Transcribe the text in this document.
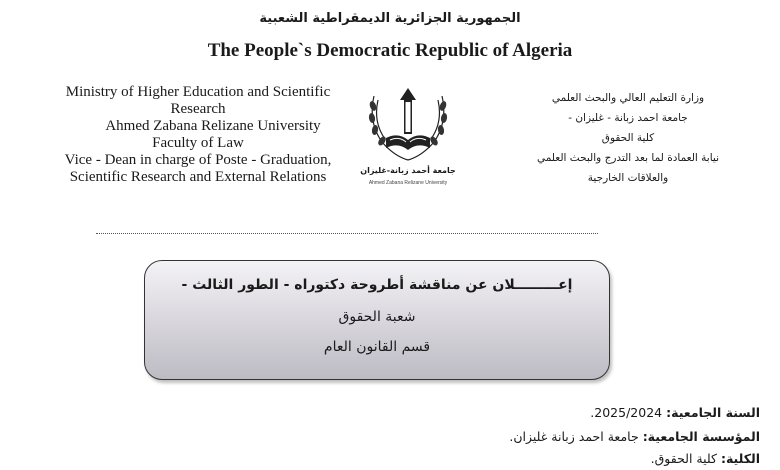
الجمهورية الجزائرية الديمقراطية الشعبية
The People`s Democratic Republic of Algeria
Ministry of Higher Education and Scientific
Research
Ahmed Zabana Relizane University
Faculty of Law
Vice - Dean in charge of Poste - Graduation,
Scientific Research and External Relations	جامعة أحمد زبانة-غليزان
Ahmed Zabana Relizane University
وزارة التعليم العالي والبحث العلمي
جامعة احمد زبانة - غليزان -
كلية الحقوق
نيابة العمادة لما بعد التدرج والبحث العلمي
والعلاقات الخارجية
إعـــــــــلان عن مناقشة أطروحة دكتوراه - الطور الثالث -
شعبة الحقوق
قسم القانون العام
السنة الجامعية: 2025/2024.
المؤسسة الجامعية: جامعة احمد زبانة غليزان.
الكلية: كلية الحقوق.
